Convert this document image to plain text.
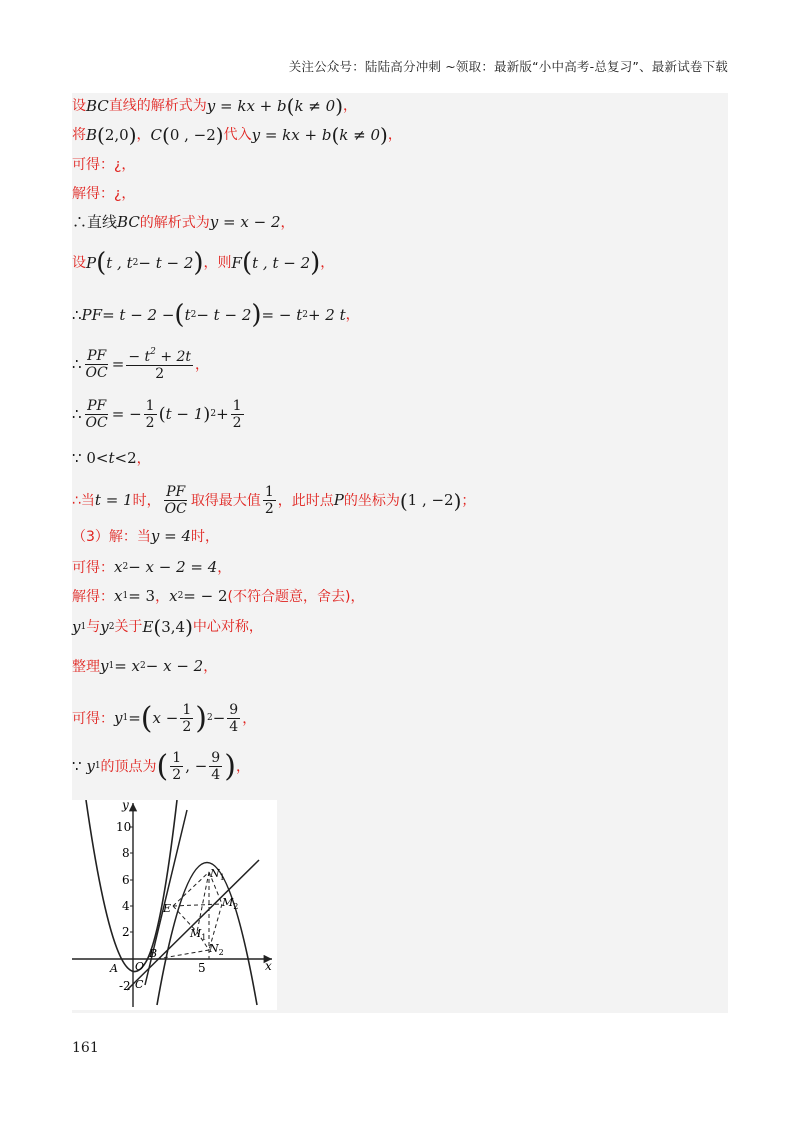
关注公众号：陆陆高分冲刺 ~领取：最新版“小中高考-总复习”、最新试卷下载
设 BC 直线的解析式为 y = kx + b ( k ≠ 0 ) ，
将 B ( 2,0 ) ， C ( 0 , −2 ) 代入 y = kx + b ( k ≠ 0 ) ，
可得：¿，
解得：¿，
∴直线 BC 的解析式为 y = x − 2 ，
设 P ( t , t 2 − t − 2 ) ，则 F ( t , t − 2 ) ，
∴ PF = t − 2 − ( t 2 − t − 2 ) = − t 2 + 2 t ，
∴ $\frac{PF}{OC} = \frac{- t^2 + 2t}{2}$ ，
∴ $\frac{PF}{OC}$ = − $\frac{1}{2}$ ( t − 1 ) $2 + \frac{1}{2}$
∵
0 < t < 2 ，
∴当 t = 1 时， $\frac{PF}{OC}$ 取得最大值 $\frac{1}{2}$ ，此时点 P 的坐标为 ( 1 , −2 ) ；
（3）解：当 y = 4 时，
可得： x 2 − x − 2 = 4 ，
解得： x 1 = 3 ， x 2 = − 2 (不符合题意，舍去) ，
y 1 与 y 2 关于 E ( 3,4 ) 中心对称，
整理 y 1 = x 2 − x − 2 ，
可得： y 1 = ( $x - \frac{1}{2}$ ) $2 - \frac{9}{4}$ ，
∵
y 1 的顶点为 ( $\frac{1}{2}$ , − $\frac{9}{4}$ ) ，
x
y
10
8
6
4
2
-2
5
A O
B
C
E
$M_1$
$M_2$
$N_1$
$N_2$
161
